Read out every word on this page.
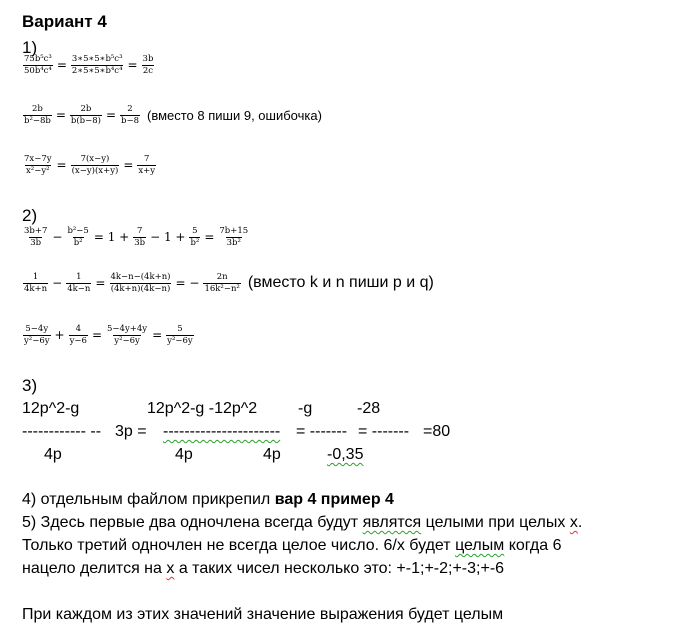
Вариант 4
1)
$\frac{\text{75b⁵c³}}{\text{50b⁴c⁴}} = \frac{\text{3∗5∗5∗b⁵c³}}{\text{2∗5∗5∗b⁴c⁴}} = \frac{3b}{2c}$
$\frac{2b}{\text{b²−8b}} = \frac{2b}{b(b-8)} = \frac{2}{b-8}$ (вместо 8 пиши 9, ошибочка)
$\frac{7x-7y}{\text{x²−y²}} = \frac{7(x-y)}{(x-y)(x+y)} = \frac{7}{x+y}$
2)
$\frac{3b+7}{3b} - \frac{\text{b²−5}}{\text{b²}} = 1 + \frac{7}{3b} - 1 + \frac{5}{\text{b²}} = \frac{7b+15}{\text{3b²}}$
$\frac{1}{4k+n} - \frac{1}{4k-n} = \frac{4k-n-(4k+n)}{(4k+n)(4k-n)}$ = − $\frac{2n}{\text{16k²−n²}}$ (вместо k и n пиши p и q)
$\frac{5-4y}{\text{y²−6y}} + \frac{4}{y-6} = \frac{5-4y+4y}{\text{y²−6y}} = \frac{5}{\text{y²−6y}}$
3)
12p^2-g	12p^2-g -12p^2	-g	-28
------------ -- 3p = ---------------------- = ------- = ------- =80
4p	4p	4p	-0,35
4) отдельным файлом прикрепил вар 4 пример 4
5) Здесь первые два одночлена всегда будут являтся целыми при целых x.
Только третий одночлен не всегда целое число. 6/x будет целым когда 6
нацело делится на x а таких чисел несколько это: +-1;+-2;+-3;+-6
При каждом из этих значений значение выражения будет целым
